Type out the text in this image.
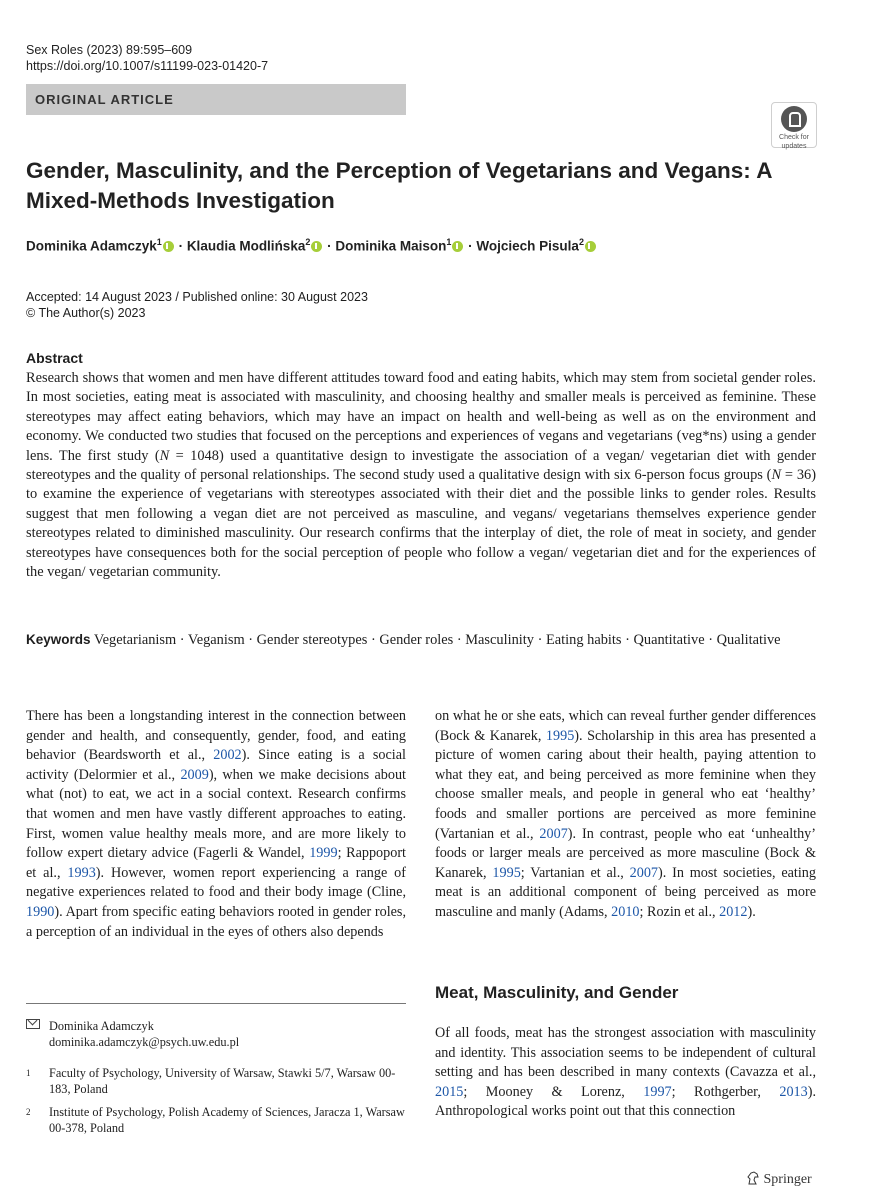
Sex Roles (2023) 89:595–609
https://doi.org/10.1007/s11199-023-01420-7
ORIGINAL ARTICLE
Check for
updates
Gender, Masculinity, and the Perception of Vegetarians and Vegans: A Mixed-Methods Investigation
Dominika Adamczyk$^1$ · Klaudia Modlińska$^2$ · Dominika Maison$^1$ · Wojciech Pisula$^2$
Accepted: 14 August 2023 / Published online: 30 August 2023
© The Author(s) 2023
Abstract
Research shows that women and men have different attitudes toward food and eating habits, which may stem from societal gender roles. In most societies, eating meat is associated with masculinity, and choosing healthy and smaller meals is perceived as feminine. These stereotypes may affect eating behaviors, which may have an impact on health and well-being as well as on the environment and economy. We conducted two studies that focused on the perceptions and experiences of vegans and vegetarians (veg*ns) using a gender lens. The first study (N = 1048) used a quantitative design to investigate the association of a vegan/ vegetarian diet with gender stereotypes and the quality of personal relationships. The second study used a qualitative design with six 6-person focus groups (N = 36) to examine the experience of vegetarians with stereotypes associated with their diet and the possible links to gender roles. Results suggest that men following a vegan diet are not perceived as masculine, and vegans/ vegetarians themselves experience gender stereotypes related to diminished masculinity. Our research confirms that the interplay of diet, the role of meat in society, and gender stereotypes have consequences both for the social perception of people who follow a vegan/ vegetarian diet and for the experiences of the vegan/ vegetarian community.
Keywords Vegetarianism · Veganism · Gender stereotypes · Gender roles · Masculinity · Eating habits · Quantitative · Qualitative
There has been a longstanding interest in the connection between gender and health, and consequently, gender, food, and eating behavior (Beardsworth et al., 2002). Since eating is a social activity (Delormier et al., 2009), when we make decisions about what (not) to eat, we act in a social context. Research confirms that women and men have vastly different approaches to eating. First, women value healthy meals more, and are more likely to follow expert dietary advice (Fagerli & Wandel, 1999; Rappoport et al., 1993). However, women report experiencing a range of negative experiences related to food and their body image (Cline, 1990). Apart from specific eating behaviors rooted in gender roles, a perception of an individual in the eyes of others also depends
on what he or she eats, which can reveal further gender differences (Bock & Kanarek, 1995). Scholarship in this area has presented a picture of women caring about their health, paying attention to what they eat, and being perceived as more feminine when they choose smaller meals, and people in general who eat ‘healthy’ foods and smaller portions are perceived as more feminine (Vartanian et al., 2007). In contrast, people who eat ‘unhealthy’ foods or larger meals are perceived as more masculine (Bock & Kanarek, 1995; Vartanian et al., 2007). In most societies, eating meat is an additional component of being perceived as more masculine and manly (Adams, 2010; Rozin et al., 2012).
Meat, Masculinity, and Gender
Of all foods, meat has the strongest association with masculinity and identity. This association seems to be independent of cultural setting and has been described in many contexts (Cavazza et al., 2015; Mooney & Lorenz, 1997; Rothgerber, 2013). Anthropological works point out that this connection
Dominika Adamczyk
dominika.adamczyk@psych.uw.edu.pl
1 Faculty of Psychology, University of Warsaw, Stawki 5/7, Warsaw 00-183, Poland
2 Institute of Psychology, Polish Academy of Sciences, Jaracza 1, Warsaw 00-378, Poland
Springer
